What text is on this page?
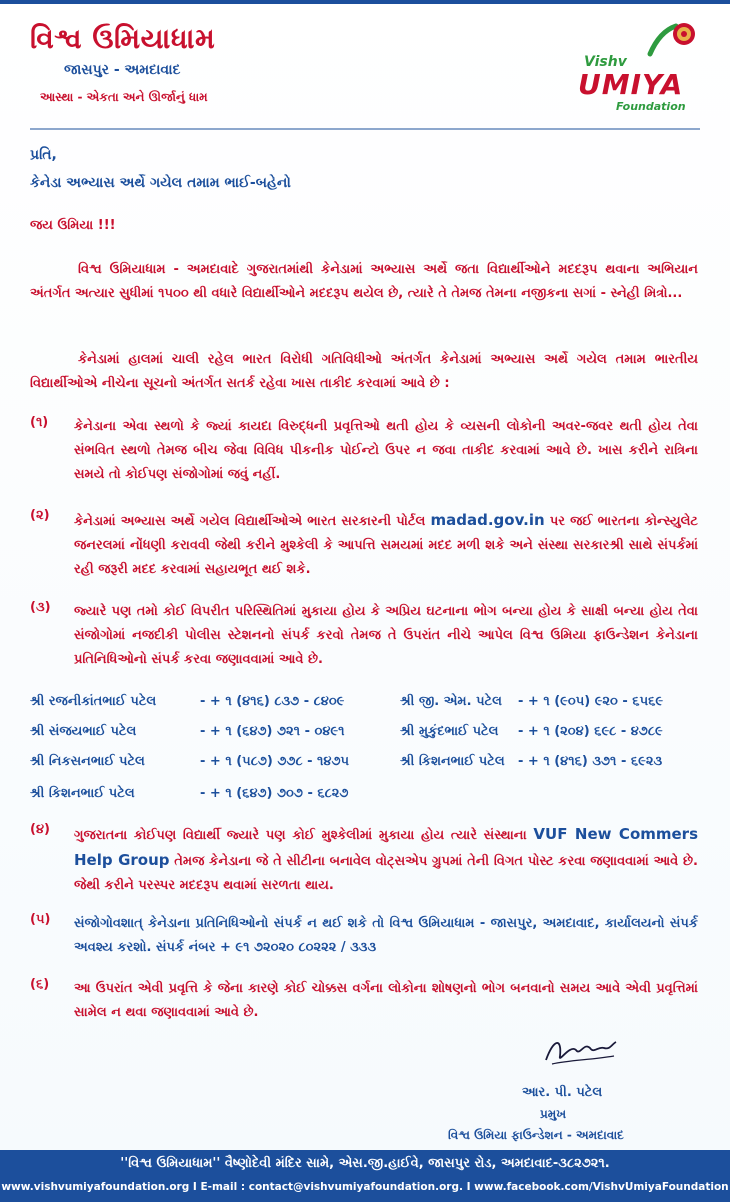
વિશ્વ ઉમિયાધામ
જાસપુર - અમદાવાદ
આસ્થા - એકતા અને ઊર્જાનું ધામ
Vishv
UMIYA
Foundation
પ્રતિ,
કેનેડા અભ્યાસ અર્થે ગયેલ તમામ ભાઈ-બહેનો
જય ઉમિયા !!!
વિશ્વ ઉમિયાધામ - અમદાવાદે ગુજરાતમાંથી કેનેડામાં અભ્યાસ અર્થે જતા વિદ્યાર્થીઓને મદદરૂપ થવાના અભિયાન અંતર્ગત અત્યાર સુધીમાં ૧૫૦૦ થી વધારે વિદ્યાર્થીઓને મદદરૂપ થયેલ છે, ત્યારે તે તેમજ તેમના નજીકના સગાં - સ્નેહી મિત્રો...
કેનેડામાં હાલમાં ચાલી રહેલ ભારત વિરોધી ગતિવિધીઓ અંતર્ગત કેનેડામાં અભ્યાસ અર્થે ગયેલ તમામ ભારતીય વિદ્યાર્થીઓએ નીચેના સૂચનો અંતર્ગત સતર્ક રહેવા ખાસ તાકીદ કરવામાં આવે છે :
(૧) કેનેડાના એવા સ્થળો કે જ્યાં કાયદા વિરુદ્ધની પ્રવૃત્તિઓ થતી હોય કે વ્યસની લોકોની અવર-જવર થતી હોય તેવા સંભવિત સ્થળો તેમજ બીચ જેવા વિવિધ પીકનીક પોઈન્ટો ઉપર ન જવા તાકીદ કરવામાં આવે છે. ખાસ કરીને રાત્રિના સમયે તો કોઈપણ સંજોગોમાં જવું નહીં.
(૨) કેનેડામાં અભ્યાસ અર્થે ગયેલ વિદ્યાર્થીઓએ ભારત સરકારની પોર્ટલ madad.gov.in પર જઈ ભારતના કોન્સ્યુલેટ જનરલમાં નોંધણી કરાવવી જેથી કરીને મુશ્કેલી કે આપત્તિ સમયમાં મદદ મળી શકે અને સંસ્થા સરકારશ્રી સાથે સંપર્કમાં રહી જરૂરી મદદ કરવામાં સહાયભૂત થઈ શકે.
(૩) જ્યારે પણ તમો કોઈ વિપરીત પરિસ્થિતિમાં મુકાયા હોય કે અપ્રિય ઘટનાના ભોગ બન્યા હોય કે સાક્ષી બન્યા હોય તેવા સંજોગોમાં નજદીકી પોલીસ સ્ટેશનનો સંપર્ક કરવો તેમજ તે ઉપરાંત નીચે આપેલ વિશ્વ ઉમિયા ફાઉન્ડેશન કેનેડાના પ્રતિનિધિઓનો સંપર્ક કરવા જણાવવામાં આવે છે.
શ્રી રજનીકાંતભાઈ પટેલ	- + ૧ (૪૧૬) ૮૩૭ - ૮૪૦૯	શ્રી જી. એમ. પટેલ - + ૧ (૯૦૫) ૯૨૦ - ૬૫૬૯
શ્રી સંજયભાઈ પટેલ	- + ૧ (૬૪૭) ૭૨૧ - ૦૪૯૧	શ્રી મુકુંદભાઈ પટેલ - + ૧ (૨૦૪) ૬૯૮ - ૪૭૮૯
શ્રી નિકસનભાઈ પટેલ	- + ૧ (૫૮૭) ૭૭૮ - ૧૪૭૫	શ્રી કિશનભાઈ પટેલ - + ૧ (૪૧૬) ૩૭૧ - ૬૯૨૩
શ્રી કિશનભાઈ પટેલ	- + ૧ (૬૪૭) ૭૦૭ - ૬૮૨૭
(૪) ગુજરાતના કોઈપણ વિદ્યાર્થી જ્યારે પણ કોઈ મુશ્કેલીમાં મુકાયા હોય ત્યારે સંસ્થાના VUF New Commers Help Group તેમજ કેનેડાના જે તે સીટીના બનાવેલ વોટ્સએપ ગ્રુપમાં તેની વિગત પોસ્ટ કરવા જણાવવામાં આવે છે. જેથી કરીને પરસ્પર મદદરૂપ થવામાં સરળતા થાય.
(૫) સંજોગોવશાત્ કેનેડાના પ્રતિનિધિઓનો સંપર્ક ન થઈ શકે તો વિશ્વ ઉમિયાધામ - જાસપુર, અમદાવાદ, કાર્યાલયનો સંપર્ક અવશ્ય કરશો. સંપર્ક નંબર + ૯૧ ૭૨૦૨૦ ૮૦૨૨૨ / ૩૩૩
(૬) આ ઉપરાંત એવી પ્રવૃત્તિ કે જેના કારણે કોઈ ચોક્કસ વર્ગના લોકોના શોષણનો ભોગ બનવાનો સમય આવે એવી પ્રવૃત્તિમાં સામેલ ન થવા જણાવવામાં આવે છે.
આર. પી. પટેલ
પ્રમુખ
વિશ્વ ઉમિયા ફાઉન્ડેશન - અમદાવાદ
''વિશ્વ ઉમિયાધામ'' વૈષ્ણોદેવી મંદિર સામે, એસ.જી.હાઈવે, જાસપુર રોડ, અમદાવાદ-૩૮૨૭૨૧.
www.vishvumiyafoundation.org I E-mail : contact@vishvumiyafoundation.org. I www.facebook.com/VishvUmiyaFoundation
